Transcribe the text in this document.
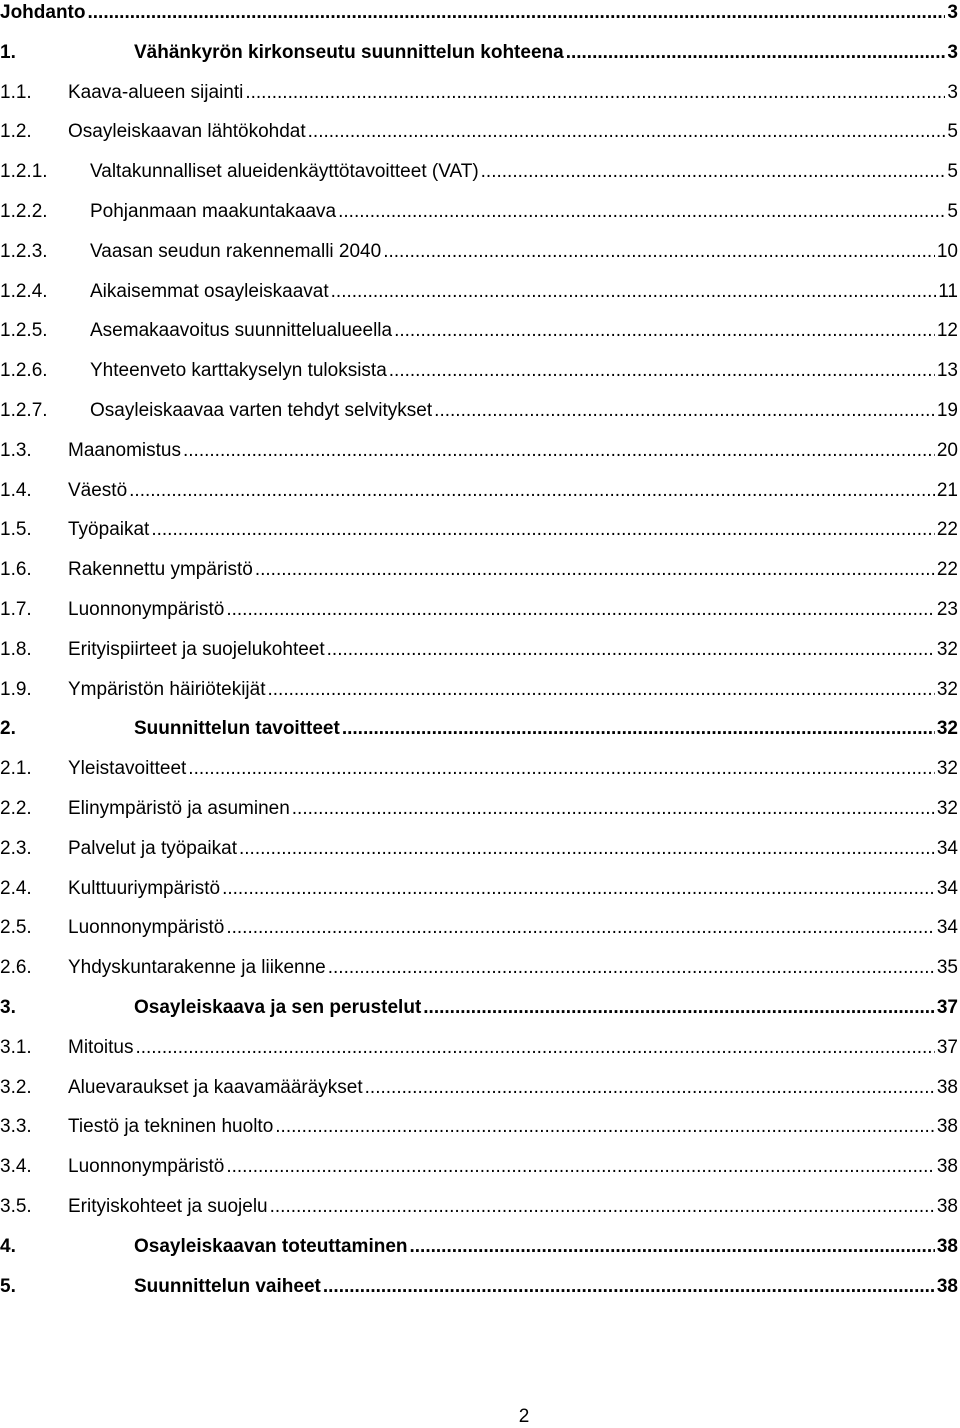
Johdanto .....	3
1.	Vähänkyrön kirkonseutu suunnittelun kohteena .....	3
1.1.	Kaava-alueen sijainti .....	3
1.2.	Osayleiskaavan lähtökohdat .....	5
1.2.1.	Valtakunnalliset alueidenkäyttötavoitteet (VAT) .....	5
1.2.2.	Pohjanmaan maakuntakaava .....	5
1.2.3.	Vaasan seudun rakennemalli 2040 .....	10
1.2.4.	Aikaisemmat osayleiskaavat .....	11
1.2.5.	Asemakaavoitus suunnittelualueella .....	12
1.2.6.	Yhteenveto karttakyselyn tuloksista .....	13
1.2.7.	Osayleiskaavaa varten tehdyt selvitykset .....	19
1.3.	Maanomistus .....	20
1.4.	Väestö .....	21
1.5.	Työpaikat .....	22
1.6.	Rakennettu ympäristö .....	22
1.7.	Luonnonympäristö .....	23
1.8.	Erityispiirteet ja suojelukohteet .....	32
1.9.	Ympäristön häiriötekijät .....	32
2.	Suunnittelun tavoitteet .....	32
2.1.	Yleistavoitteet .....	32
2.2.	Elinympäristö ja asuminen .....	32
2.3.	Palvelut ja työpaikat .....	34
2.4.	Kulttuuriympäristö .....	34
2.5.	Luonnonympäristö .....	34
2.6.	Yhdyskuntarakenne ja liikenne .....	35
3.	Osayleiskaava ja sen perustelut .....	37
3.1.	Mitoitus .....	37
3.2.	Aluevaraukset ja kaavamääräykset .....	38
3.3.	Tiestö ja tekninen huolto .....	38
3.4.	Luonnonympäristö .....	38
3.5.	Erityiskohteet ja suojelu .....	38
4.	Osayleiskaavan toteuttaminen .....	38
5.	Suunnittelun vaiheet .....	38
2
